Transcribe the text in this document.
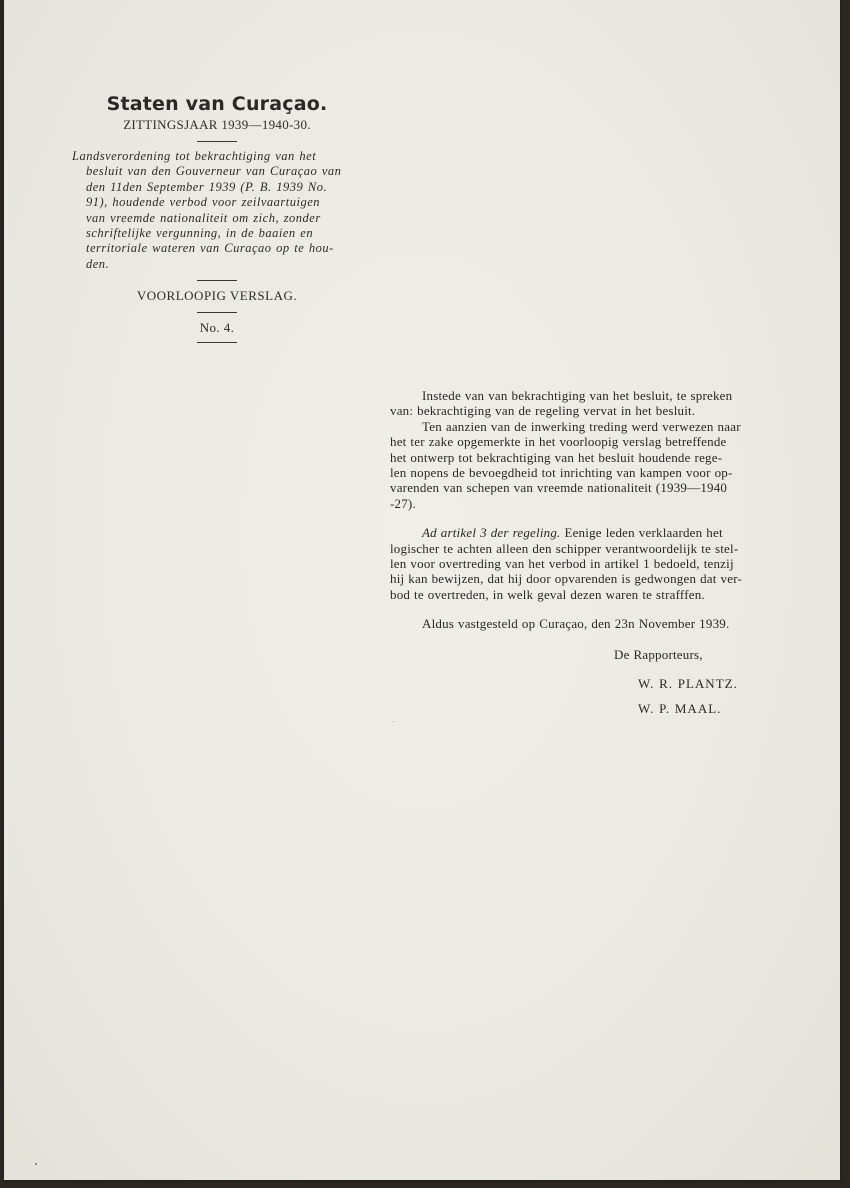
Staten van Curaçao.
ZITTINGSJAAR 1939—1940-30.

Landsverordening tot bekrachtiging van het

besluit van den Gouverneur van Curaçao van

den 11den September 1939 (P. B. 1939 No.

91), houdende verbod voor zeilvaartuigen

van vreemde nationaliteit om zich, zonder

schriftelijke vergunning, in de baaien en

territoriale wateren van Curaçao op te hou-

den.

VOORLOOPIG VERSLAG.
No. 4.

Instede van van bekrachtiging van het besluit, te spreken

van: bekrachtiging van de regeling vervat in het besluit.

Ten aanzien van de inwerking treding werd verwezen naar

het ter zake opgemerkte in het voorloopig verslag betreffende

het ontwerp tot bekrachtiging van het besluit houdende rege-

len nopens de bevoegdheid tot inrichting van kampen voor op-

varenden van schepen van vreemde nationaliteit (1939—1940

-27).

Ad artikel 3 der regeling. Eenige leden verklaarden het

logischer te achten alleen den schipper verantwoordelijk te stel-

len voor overtreding van het verbod in artikel 1 bedoeld, tenzij

hij kan bewijzen, dat hij door opvarenden is gedwongen dat ver-

bod te overtreden, in welk geval dezen waren te strafffen.

Aldus vastgesteld op Curaçao, den 23n November 1939.
De Rapporteurs,
W. R. PLANTZ.
W. P. MAAL.
